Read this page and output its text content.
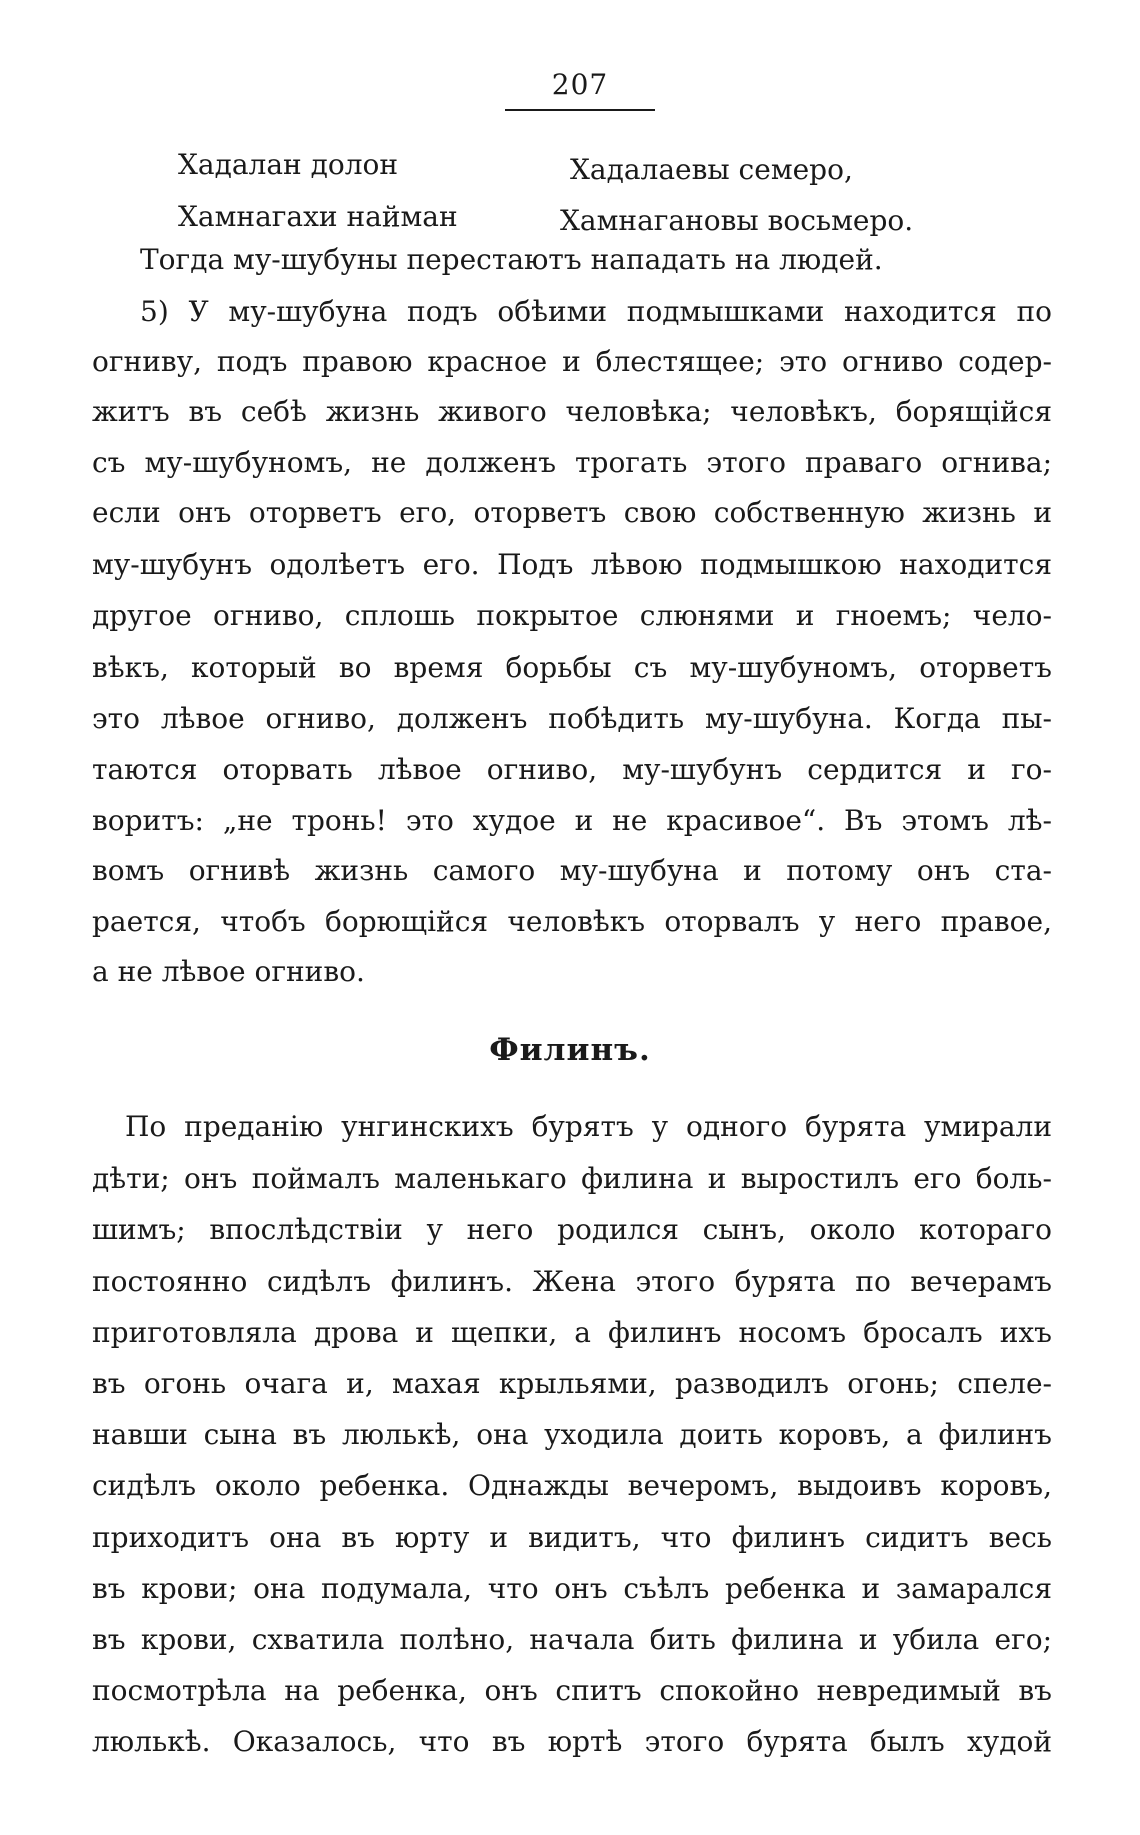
207
Хадалан долон	Хадалаевы семеро,
Хамнагахи найман	Хамнагановы восьмеро.
Тогда му-шубуны перестаютъ нападать на людей.
5) У му-шубуна подъ обѣими подмышками находится по
огниву, подъ правою красное и блестящее; это огниво содер-
житъ въ себѣ жизнь живого человѣка; человѣкъ, борящійся
съ му-шубуномъ, не долженъ трогать этого праваго огнива;
если онъ оторветъ его, оторветъ свою собственную жизнь и
му-шубунъ одолѣетъ его. Подъ лѣвою подмышкою находится
другое огниво, сплошь покрытое слюнями и гноемъ; чело-
вѣкъ, который во время борьбы съ му-шубуномъ, оторветъ
это лѣвое огниво, долженъ побѣдить му-шубуна. Когда пы-
таются оторвать лѣвое огниво, му-шубунъ сердится и го-
воритъ: „не тронь! это худое и не красивое“. Въ этомъ лѣ-
вомъ огнивѣ жизнь самого му-шубуна и потому онъ ста-
рается, чтобъ борющійся человѣкъ оторвалъ у него правое,
а не лѣвое огниво.
Филинъ.
По преданію унгинскихъ бурятъ у одного бурята умирали
дѣти; онъ поймалъ маленькаго филина и выростилъ его боль-
шимъ; впослѣдствіи у него родился сынъ, около котораго
постоянно сидѣлъ филинъ. Жена этого бурята по вечерамъ
приготовляла дрова и щепки, а филинъ носомъ бросалъ ихъ
въ огонь очага и, махая крыльями, разводилъ огонь; спеле-
навши сына въ люлькѣ, она уходила доить коровъ, а филинъ
сидѣлъ около ребенка. Однажды вечеромъ, выдоивъ коровъ,
приходитъ она въ юрту и видитъ, что филинъ сидитъ весь
въ крови; она подумала, что онъ съѣлъ ребенка и замарался
въ крови, схватила полѣно, начала бить филина и убила его;
посмотрѣла на ребенка, онъ спитъ спокойно невредимый въ
люлькѣ. Оказалось, что въ юртѣ этого бурята былъ худой
